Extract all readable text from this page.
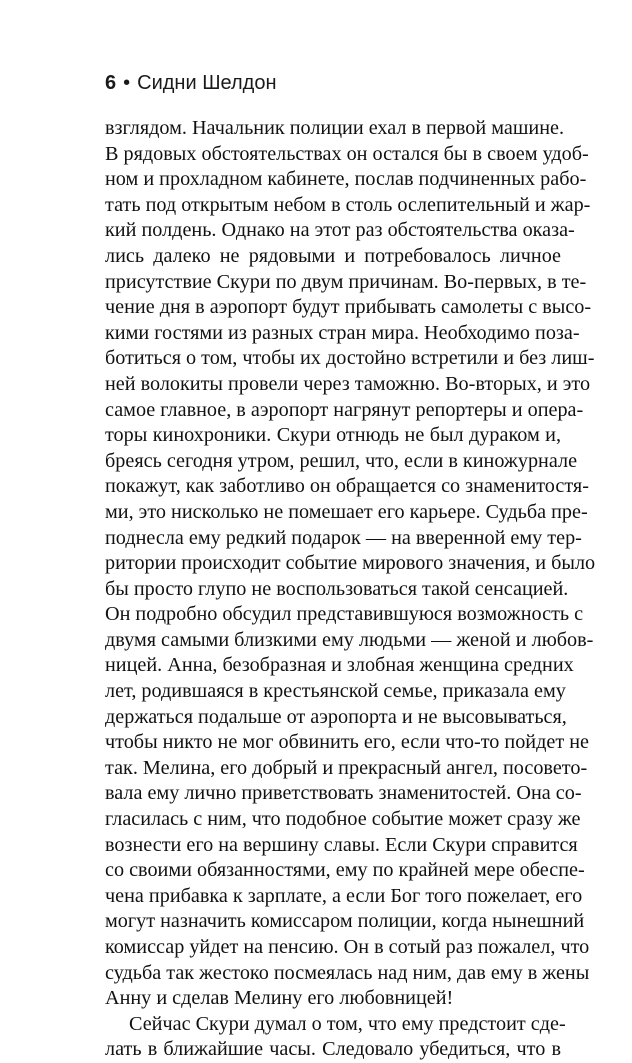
6 • Сидни Шелдон
взглядом. Начальник полиции ехал в первой машине.
В рядовых обстоятельствах он остался бы в своем удоб-
ном и прохладном кабинете, послав подчиненных рабо-
тать под открытым небом в столь ослепительный и жар-
кий полдень. Однако на этот раз обстоятельства оказа-
лись далеко не рядовыми и потребовалось личное
присутствие Скури по двум причинам. Во-первых, в те-
чение дня в аэропорт будут прибывать самолеты с высо-
кими гостями из разных стран мира. Необходимо поза-
ботиться о том, чтобы их достойно встретили и без лиш-
ней волокиты провели через таможню. Во-вторых, и это
самое главное, в аэропорт нагрянут репортеры и опера-
торы кинохроники. Скури отнюдь не был дураком и,
бреясь сегодня утром, решил, что, если в киножурнале
покажут, как заботливо он обращается со знаменитостя-
ми, это нисколько не помешает его карьере. Судьба пре-
поднесла ему редкий подарок — на вверенной ему тер-
ритории происходит событие мирового значения, и было
бы просто глупо не воспользоваться такой сенсацией.
Он подробно обсудил представившуюся возможность с
двумя самыми близкими ему людьми — женой и любов-
ницей. Анна, безобразная и злобная женщина средних
лет, родившаяся в крестьянской семье, приказала ему
держаться подальше от аэропорта и не высовываться,
чтобы никто не мог обвинить его, если что-то пойдет не
так. Мелина, его добрый и прекрасный ангел, посовето-
вала ему лично приветствовать знаменитостей. Она со-
гласилась с ним, что подобное событие может сразу же
вознести его на вершину славы. Если Скури справится
со своими обязанностями, ему по крайней мере обеспе-
чена прибавка к зарплате, а если Бог того пожелает, его
могут назначить комиссаром полиции, когда нынешний
комиссар уйдет на пенсию. Он в сотый раз пожалел, что
судьба так жестоко посмеялась над ним, дав ему в жены
Анну и сделав Мелину его любовницей!
Сейчас Скури думал о том, что ему предстоит сде-
лать в ближайшие часы. Следовало убедиться, что в
